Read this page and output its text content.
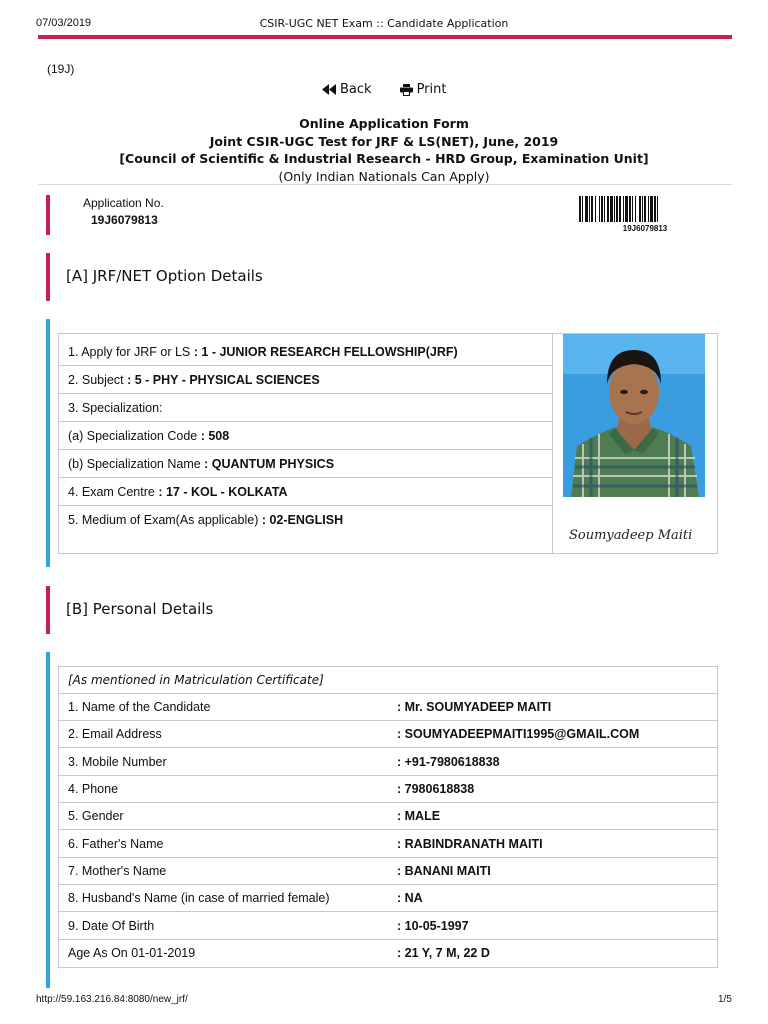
07/03/2019	CSIR-UGC NET Exam :: Candidate Application
(19J)
Back	Print
Online Application Form
Joint CSIR-UGC Test for JRF & LS(NET), June, 2019
[Council of Scientific & Industrial Research - HRD Group, Examination Unit]
(Only Indian Nationals Can Apply)
Application No.
19J6079813
19J6079813
[A] JRF/NET Option Details
1. Apply for JRF or LS : 1 - JUNIOR RESEARCH FELLOWSHIP(JRF)
2. Subject : 5 - PHY - PHYSICAL SCIENCES
3. Specialization:
(a) Specialization Code : 508
(b) Specialization Name : QUANTUM PHYSICS
4. Exam Centre : 17 - KOL - KOLKATA
5. Medium of Exam(As applicable) : 02-ENGLISH
Soumyadeep Maiti
[B] Personal Details
[As mentioned in Matriculation Certificate]
1. Name of the Candidate	: Mr. SOUMYADEEP MAITI
2. Email Address	: SOUMYADEEPMAITI1995@GMAIL.COM
3. Mobile Number	: +91-7980618838
4. Phone	: 7980618838
5. Gender	: MALE
6. Father's Name	: RABINDRANATH MAITI
7. Mother's Name	: BANANI MAITI
8. Husband's Name (in case of married female)	: NA
9. Date Of Birth	: 10-05-1997
Age As On 01-01-2019	: 21 Y, 7 M, 22 D
http://59.163.216.84:8080/new_jrf/	1/5
